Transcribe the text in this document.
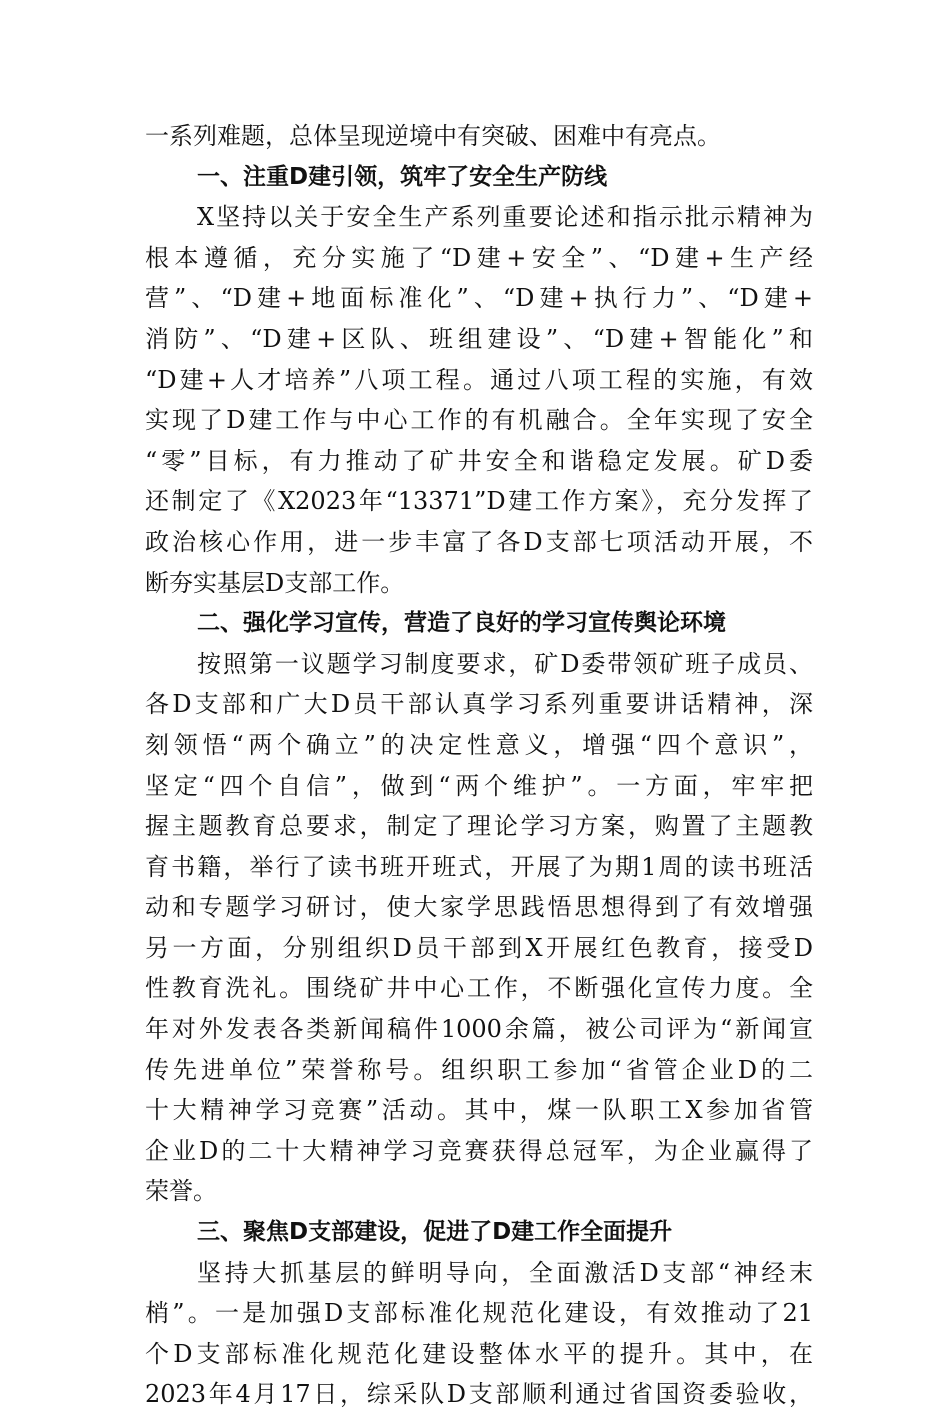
一系列难题，总体呈现逆境中有突破、困难中有亮点。
一、注重D建引领，筑牢了安全生产防线
X坚持以关于安全生产系列重要论述和指示批示精神为
根本遵循，充分实施了“D建+安全”、“D建+生产经
营”、“D建+地面标准化”、“D建+执行力”、“D建+
消防”、“D建+区队、班组建设”、“D建+智能化”和
“D建+人才培养”八项工程。通过八项工程的实施，有效
实现了D建工作与中心工作的有机融合。全年实现了安全
“零”目标，有力推动了矿井安全和谐稳定发展。矿D委
还制定了《X2023年“13371”D建工作方案》，充分发挥了
政治核心作用，进一步丰富了各D支部七项活动开展，不
断夯实基层D支部工作。
二、强化学习宣传，营造了良好的学习宣传舆论环境
按照第一议题学习制度要求，矿D委带领矿班子成员、
各D支部和广大D员干部认真学习系列重要讲话精神，深
刻领悟“两个确立”的决定性意义，增强“四个意识”，
坚定“四个自信”，做到“两个维护”。一方面，牢牢把
握主题教育总要求，制定了理论学习方案，购置了主题教
育书籍，举行了读书班开班式，开展了为期1周的读书班活
动和专题学习研讨，使大家学思践悟思想得到了有效增强
另一方面，分别组织D员干部到X开展红色教育，接受D
性教育洗礼。围绕矿井中心工作，不断强化宣传力度。全
年对外发表各类新闻稿件1000余篇，被公司评为“新闻宣
传先进单位”荣誉称号。组织职工参加“省管企业D的二
十大精神学习竞赛”活动。其中，煤一队职工X参加省管
企业D的二十大精神学习竞赛获得总冠军，为企业赢得了
荣誉。
三、聚焦D支部建设，促进了D建工作全面提升
坚持大抓基层的鲜明导向，全面激活D支部“神经末
梢”。一是加强D支部标准化规范化建设，有效推动了21
个D支部标准化规范化建设整体水平的提升。其中，在
2023年4月17日，综采队D支部顺利通过省国资委验收，
